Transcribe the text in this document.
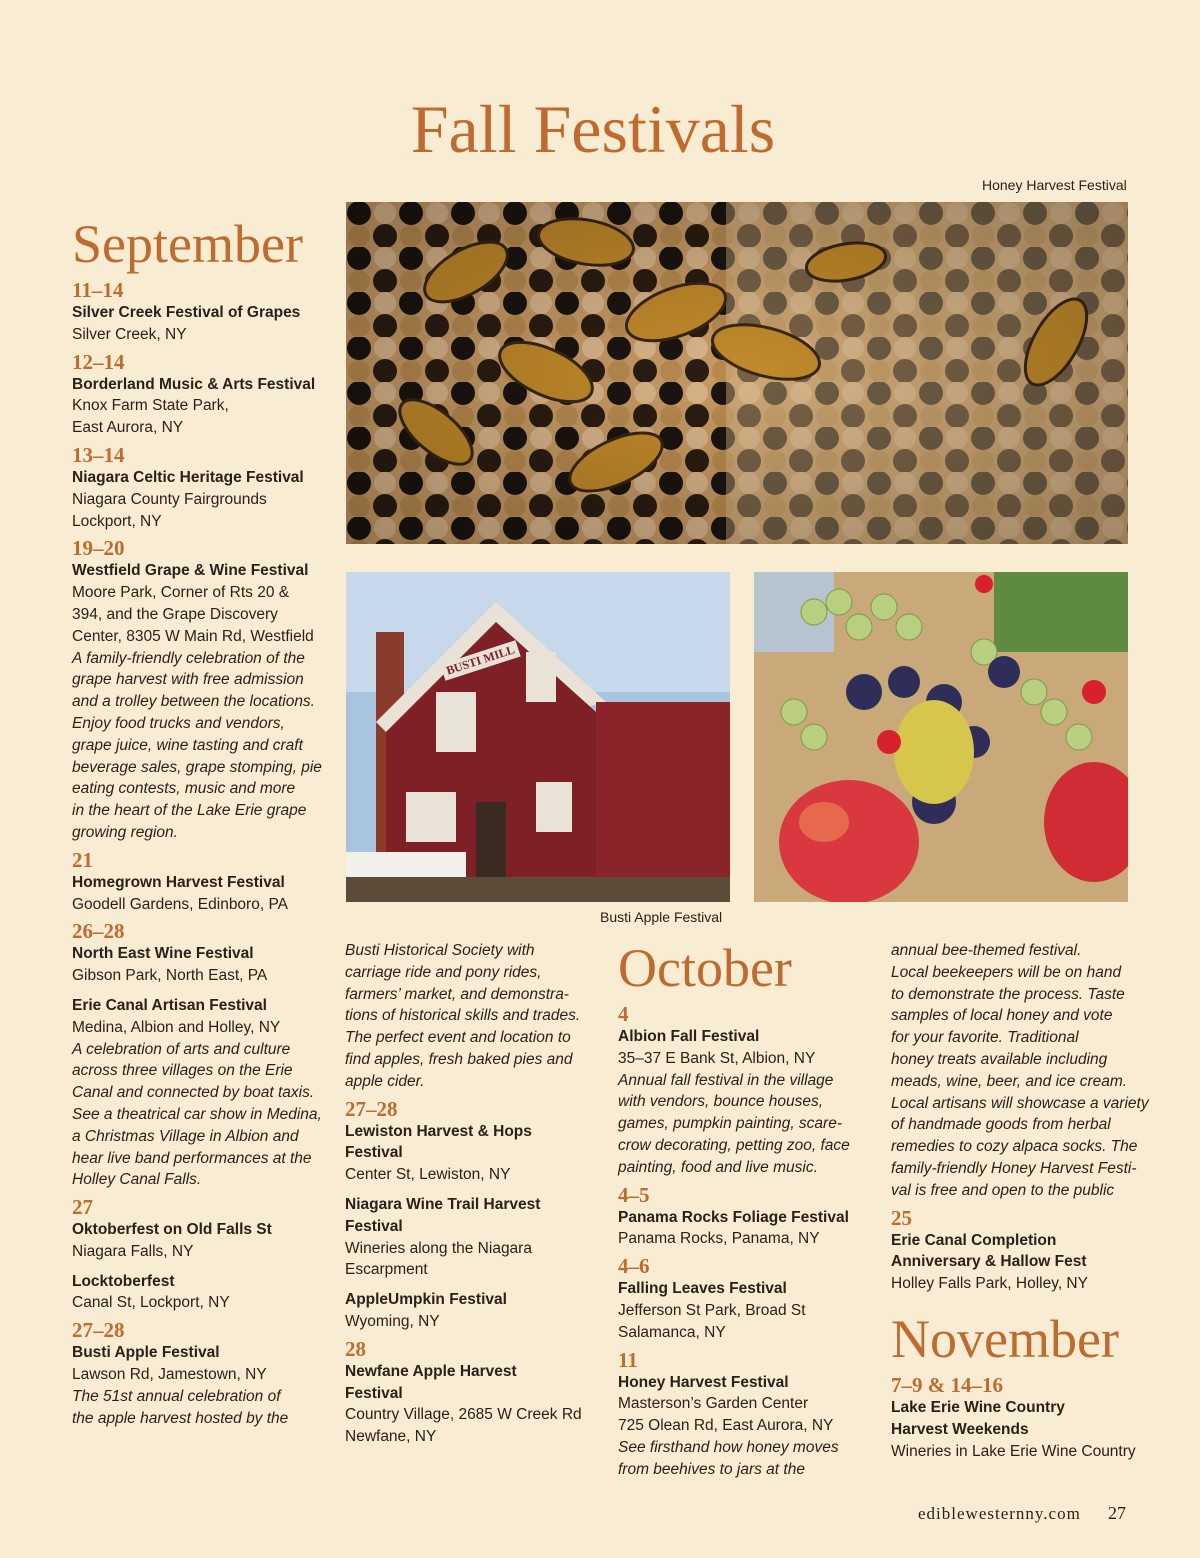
Fall Festivals
Honey Harvest Festival
BUSTI MILL
Busti Apple Festival
September
11–14
Silver Creek Festival of Grapes
Silver Creek, NY
12–14
Borderland Music & Arts Festival
Knox Farm State Park,
East Aurora, NY
13–14
Niagara Celtic Heritage Festival
Niagara County Fairgrounds
Lockport, NY
19–20
Westfield Grape & Wine Festival
Moore Park, Corner of Rts 20 &
394, and the Grape Discovery
Center, 8305 W Main Rd, Westfield
A family-friendly celebration of the
grape harvest with free admission
and a trolley between the locations.
Enjoy food trucks and vendors,
grape juice, wine tasting and craft
beverage sales, grape stomping, pie
eating contests, music and more
in the heart of the Lake Erie grape
growing region.
21
Homegrown Harvest Festival
Goodell Gardens, Edinboro, PA
26–28
North East Wine Festival
Gibson Park, North East, PA
Erie Canal Artisan Festival
Medina, Albion and Holley, NY
A celebration of arts and culture
across three villages on the Erie
Canal and connected by boat taxis.
See a theatrical car show in Medina,
a Christmas Village in Albion and
hear live band performances at the
Holley Canal Falls.
27
Oktoberfest on Old Falls St
Niagara Falls, NY
Locktoberfest
Canal St, Lockport, NY
27–28
Busti Apple Festival
Lawson Rd, Jamestown, NY
The 51st annual celebration of
the apple harvest hosted by the
Busti Historical Society with
carriage ride and pony rides,
farmers’ market, and demonstra-
tions of historical skills and trades.
The perfect event and location to
find apples, fresh baked pies and
apple cider.
27–28
Lewiston Harvest & Hops
Festival
Center St, Lewiston, NY
Niagara Wine Trail Harvest
Festival
Wineries along the Niagara
Escarpment
AppleUmpkin Festival
Wyoming, NY
28
Newfane Apple Harvest
Festival
Country Village, 2685 W Creek Rd
Newfane, NY
October
4
Albion Fall Festival
35–37 E Bank St, Albion, NY
Annual fall festival in the village
with vendors, bounce houses,
games, pumpkin painting, scare-
crow decorating, petting zoo, face
painting, food and live music.
4–5
Panama Rocks Foliage Festival
Panama Rocks, Panama, NY
4–6
Falling Leaves Festival
Jefferson St Park, Broad St
Salamanca, NY
11
Honey Harvest Festival
Masterson’s Garden Center
725 Olean Rd, East Aurora, NY
See firsthand how honey moves
from beehives to jars at the
annual bee-themed festival.
Local beekeepers will be on hand
to demonstrate the process. Taste
samples of local honey and vote
for your favorite. Traditional
honey treats available including
meads, wine, beer, and ice cream.
Local artisans will showcase a variety
of handmade goods from herbal
remedies to cozy alpaca socks. The
family-friendly Honey Harvest Festi-
val is free and open to the public
25
Erie Canal Completion
Anniversary & Hallow Fest
Holley Falls Park, Holley, NY
November
7–9 & 14–16
Lake Erie Wine Country
Harvest Weekends
Wineries in Lake Erie Wine Country
ediblewesternny.com 27
